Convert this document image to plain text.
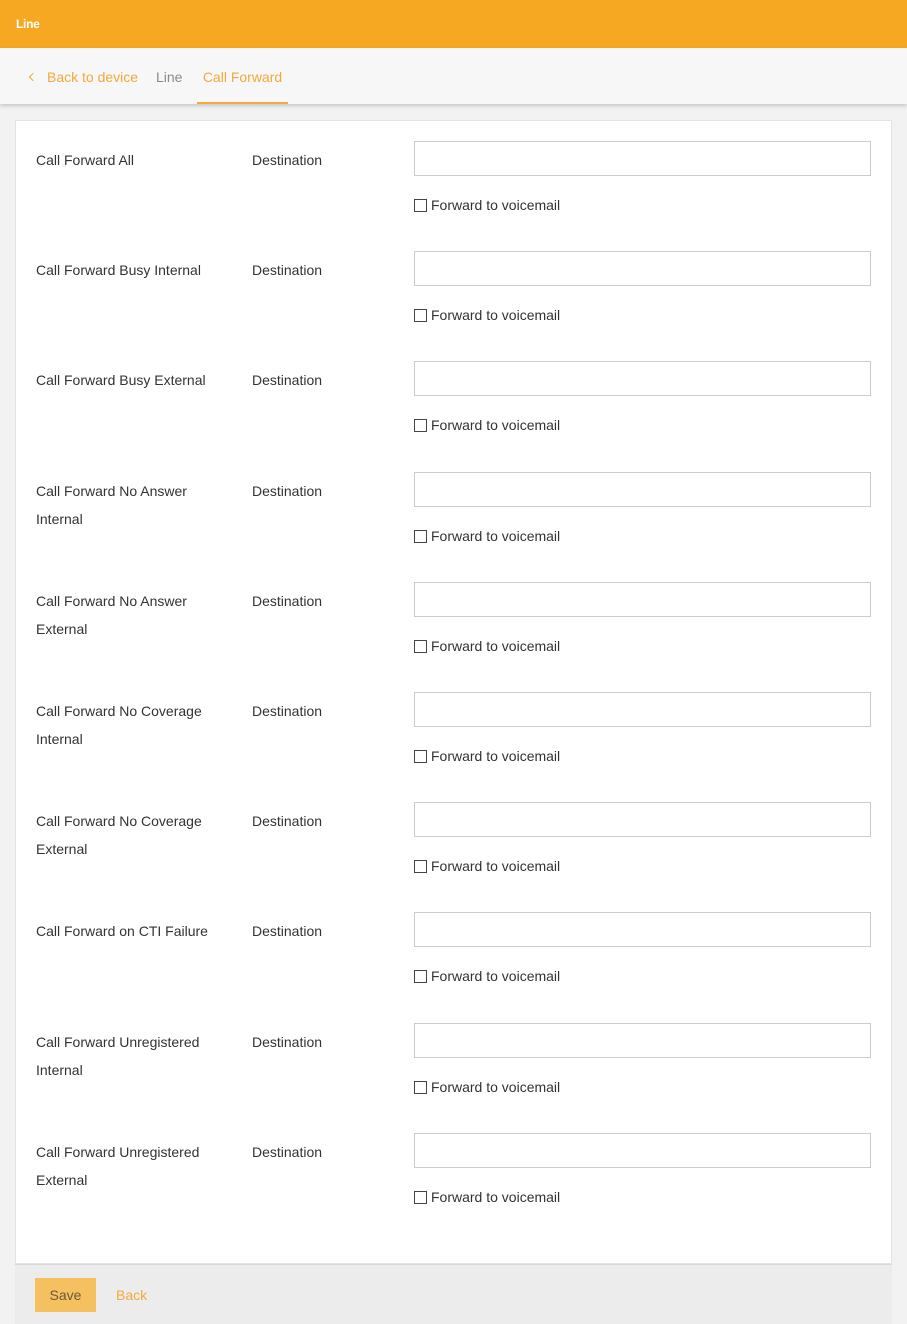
Line
Back to device Line	Call Forward
Call Forward All	Destination
Forward to voicemail
Call Forward Busy Internal	Destination
Forward to voicemail
Call Forward Busy External	Destination
Forward to voicemail
Call Forward No Answer Internal
Destination
Forward to voicemail
Call Forward No Answer External
Destination
Forward to voicemail
Call Forward No Coverage Internal
Destination
Forward to voicemail
Call Forward No Coverage External
Destination
Forward to voicemail
Call Forward on CTI Failure	Destination
Forward to voicemail
Call Forward Unregistered Internal
Destination
Forward to voicemail
Call Forward Unregistered External
Destination
Forward to voicemail
Save	Back
